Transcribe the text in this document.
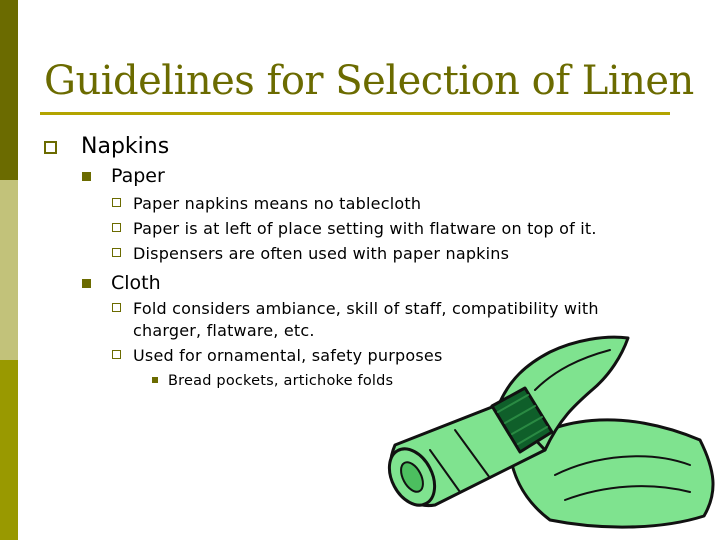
Guidelines for Selection of Linen
Napkins
Paper
Paper napkins means no tablecloth
Paper is at left of place setting with flatware on top of it.
Dispensers are often used with paper napkins
Cloth
Fold considers ambiance, skill of staff, compatibility with
charger, flatware, etc.
Used for ornamental, safety purposes
Bread pockets, artichoke folds
